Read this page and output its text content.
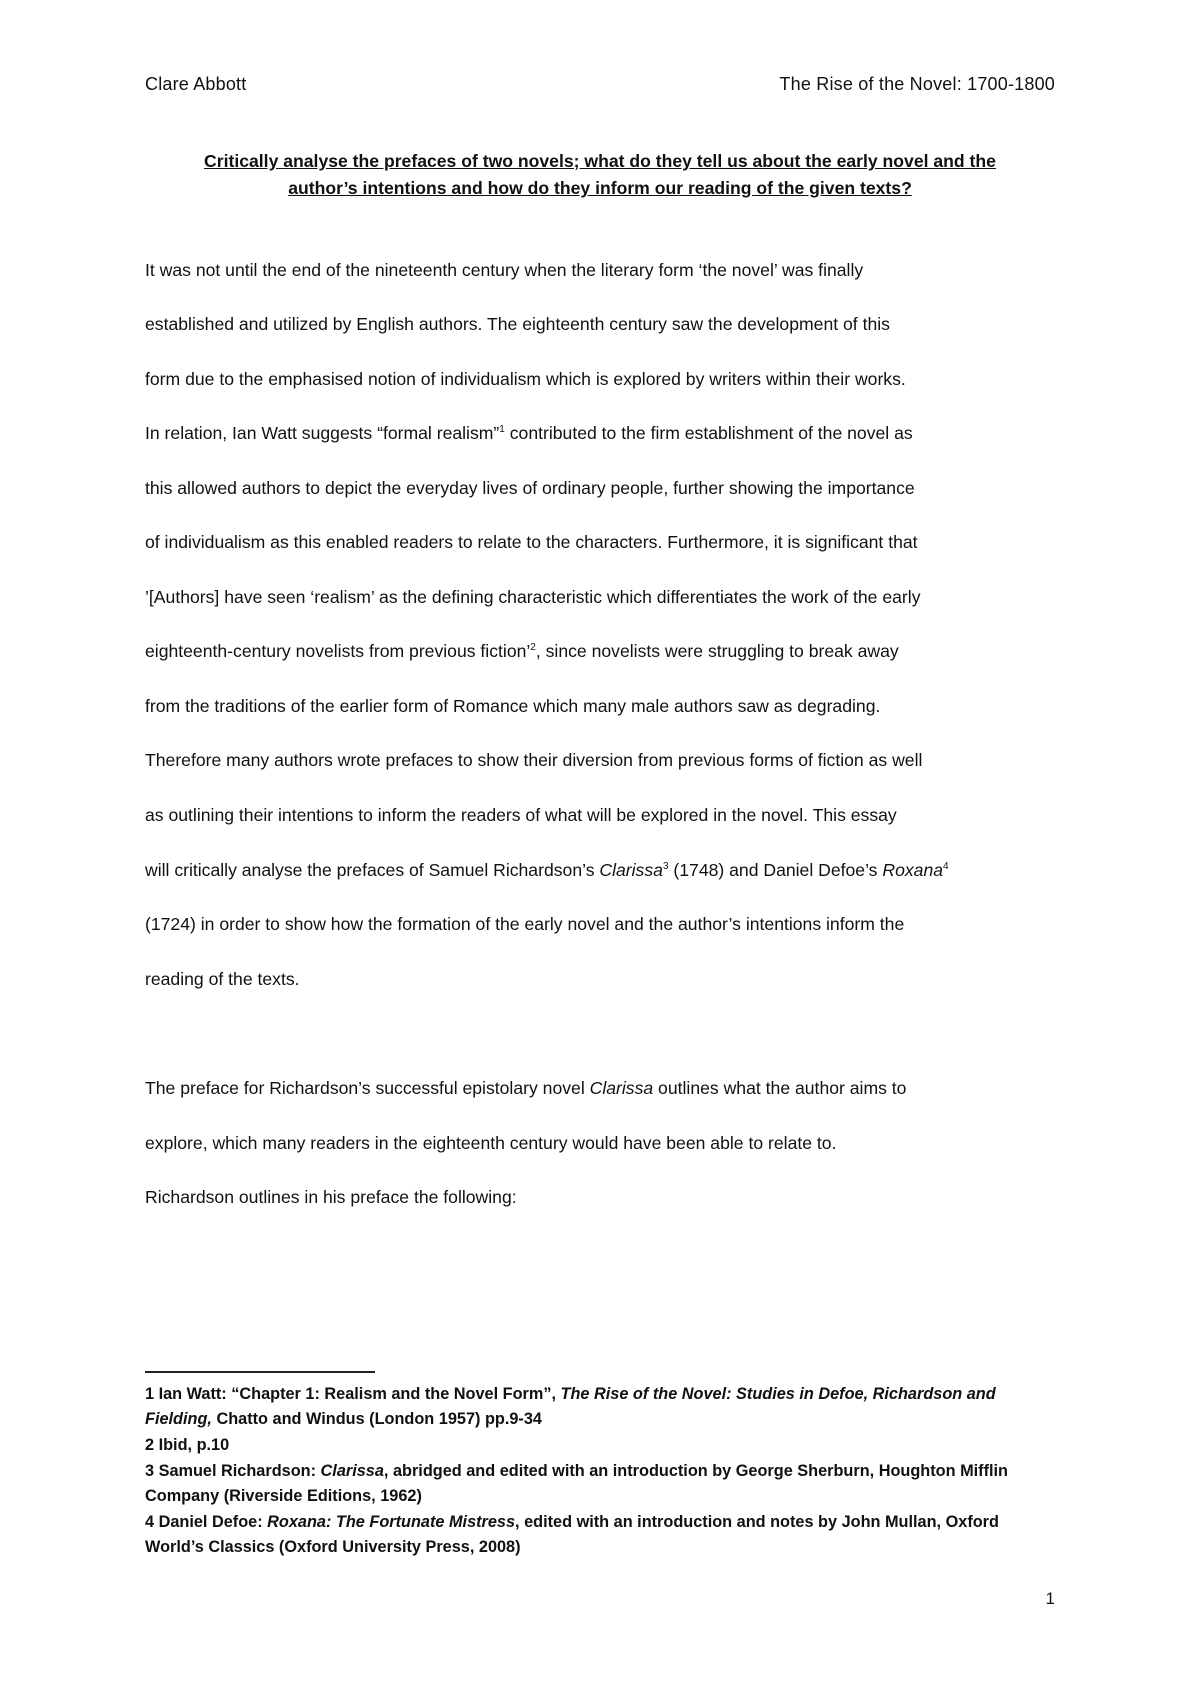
Clare Abbott	The Rise of the Novel: 1700-1800
Critically analyse the prefaces of two novels; what do they tell us about the early novel and the
author’s intentions and how do they inform our reading of the given texts?
It was not until the end of the nineteenth century when the literary form ‘the novel’ was finally
established and utilized by English authors. The eighteenth century saw the development of this
form due to the emphasised notion of individualism which is explored by writers within their works.
In relation, Ian Watt suggests “formal realism”$^1$ contributed to the firm establishment of the novel as
this allowed authors to depict the everyday lives of ordinary people, further showing the importance
of individualism as this enabled readers to relate to the characters. Furthermore, it is significant that
’[Authors] have seen ‘realism’ as the defining characteristic which differentiates the work of the early
eighteenth-century novelists from previous fiction’$^2$, since novelists were struggling to break away
from the traditions of the earlier form of Romance which many male authors saw as degrading.
Therefore many authors wrote prefaces to show their diversion from previous forms of fiction as well
as outlining their intentions to inform the readers of what will be explored in the novel. This essay
will critically analyse the prefaces of Samuel Richardson’s Clarissa$^3$ (1748) and Daniel Defoe’s Roxana$^4$
(1724) in order to show how the formation of the early novel and the author’s intentions inform the
reading of the texts.
The preface for Richardson’s successful epistolary novel Clarissa outlines what the author aims to
explore, which many readers in the eighteenth century would have been able to relate to.
Richardson outlines in his preface the following:
1 Ian Watt: “Chapter 1: Realism and the Novel Form”, The Rise of the Novel: Studies in Defoe, Richardson and
Fielding, Chatto and Windus (London 1957) pp.9-34
2 Ibid, p.10
3 Samuel Richardson: Clarissa, abridged and edited with an introduction by George Sherburn, Houghton Mifflin
Company (Riverside Editions, 1962)
4 Daniel Defoe: Roxana: The Fortunate Mistress, edited with an introduction and notes by John Mullan, Oxford
World’s Classics (Oxford University Press, 2008)
1
